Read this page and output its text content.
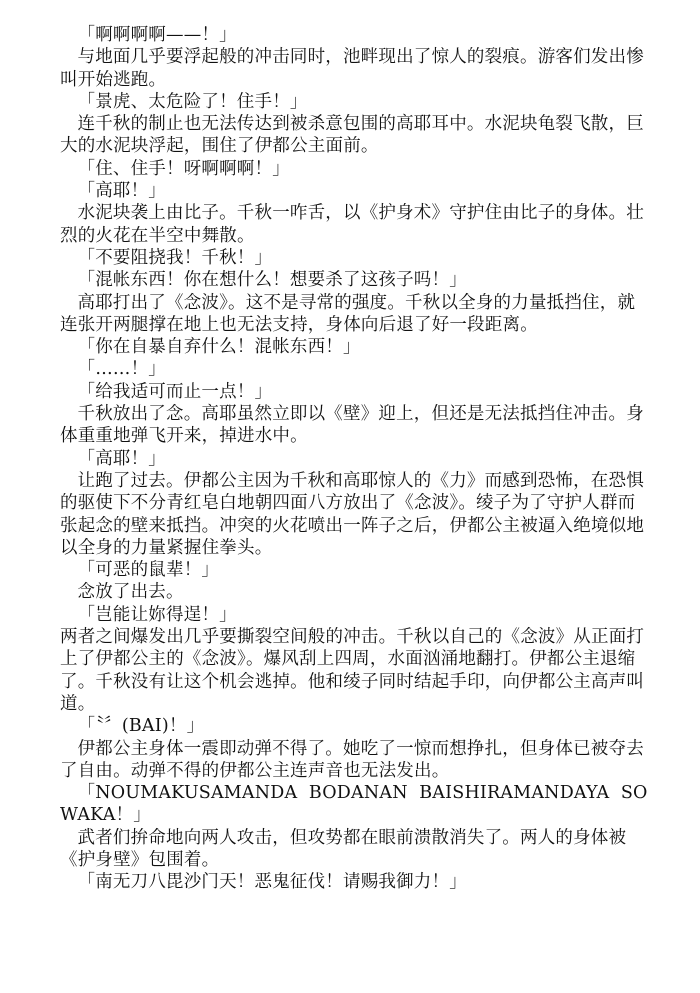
「啊啊啊啊——！」

与地面几乎要浮起般的冲击同时，池畔现出了惊人的裂痕。游客们发出惨叫开始逃跑。

「景虎、太危险了！住手！」

连千秋的制止也无法传达到被杀意包围的高耶耳中。水泥块龟裂飞散，巨大的水泥块浮起，围住了伊都公主面前。

「住、住手！呀啊啊啊！」

「高耶！」

水泥块袭上由比子。千秋一咋舌，以《护身术》守护住由比子的身体。壮烈的火花在半空中舞散。

「不要阻挠我！千秋！」

「混帐东西！你在想什么！想要杀了这孩子吗！」

高耶打出了《念波》。这不是寻常的强度。千秋以全身的力量抵挡住，就连张开两腿撑在地上也无法支持，身体向后退了好一段距离。

「你在自暴自弃什么！混帐东西！」

「……！」

「给我适可而止一点！」

千秋放出了念。高耶虽然立即以《壁》迎上，但还是无法抵挡住冲击。身体重重地弹飞开来，掉进水中。

「高耶！」

让跑了过去。伊都公主因为千秋和高耶惊人的《力》而感到恐怖，在恐惧的驱使下不分青红皂白地朝四面八方放出了《念波》。绫子为了守护人群而张起念的壁来抵挡。冲突的火花喷出一阵子之后，伊都公主被逼入绝境似地以全身的力量紧握住拳头。

「可恶的鼠辈！」

念放了出去。

「岂能让妳得逞！」

两者之间爆发出几乎要撕裂空间般的冲击。千秋以自己的《念波》从正面打上了伊都公主的《念波》。爆风刮上四周，水面汹涌地翻打。伊都公主退缩了。千秋没有让这个机会逃掉。他和绫子同时结起手印，向伊都公主高声叫道。

「〝〞(BAI)！」

伊都公主身体一震即动弹不得了。她吃了一惊而想挣扎，但身体已被夺去了自由。动弹不得的伊都公主连声音也无法发出。

「NOUMAKUSAMANDA  BODANAN  BAISHIRAMANDAYA  SOWAKA！」

武者们拚命地向两人攻击，但攻势都在眼前溃散消失了。两人的身体被《护身壁》包围着。

「南无刀八毘沙门天！恶鬼征伐！请赐我御力！」
